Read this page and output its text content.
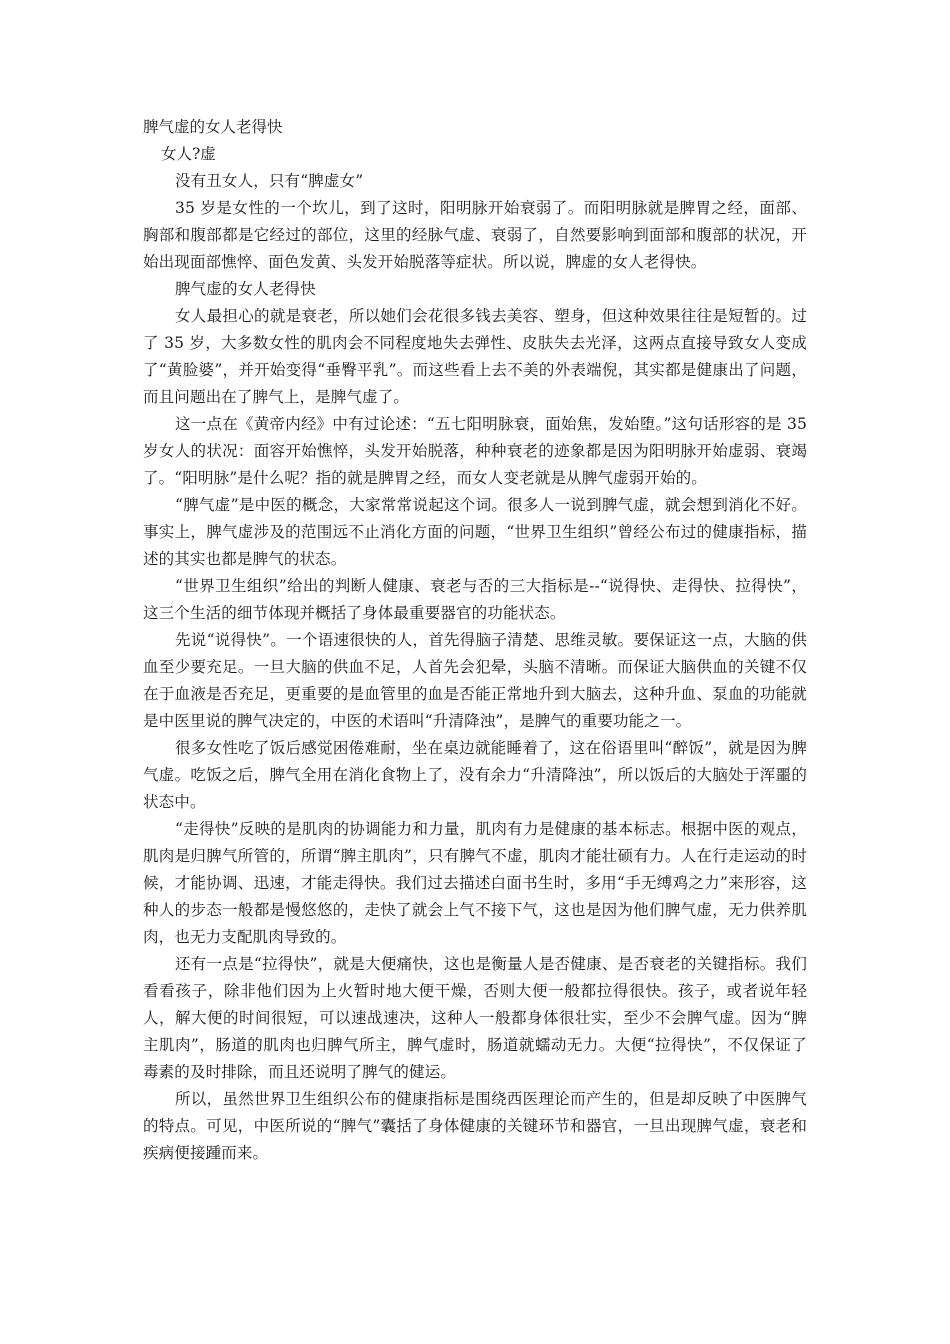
脾气虚的女人老得快

女人?虚

没有丑女人，只有“脾虚女”

35 岁是女性的一个坎儿，到了这时，阳明脉开始衰弱了。而阳明脉就是脾胃之经，面部、胸部和腹部都是它经过的部位，这里的经脉气虚、衰弱了，自然要影响到面部和腹部的状况，开始出现面部憔悴、面色发黄、头发开始脱落等症状。所以说，脾虚的女人老得快。

脾气虚的女人老得快

女人最担心的就是衰老，所以她们会花很多钱去美容、塑身，但这种效果往往是短暂的。过了 35 岁，大多数女性的肌肉会不同程度地失去弹性、皮肤失去光泽，这两点直接导致女人变成了“黄脸婆”，并开始变得“垂臀平乳”。而这些看上去不美的外表端倪，其实都是健康出了问题，而且问题出在了脾气上，是脾气虚了。

这一点在《黄帝内经》中有过论述：“五七阳明脉衰，面始焦，发始堕。”这句话形容的是 35 岁女人的状况：面容开始憔悴，头发开始脱落，种种衰老的迹象都是因为阳明脉开始虚弱、衰竭了。“阳明脉”是什么呢？指的就是脾胃之经，而女人变老就是从脾气虚弱开始的。

“脾气虚”是中医的概念，大家常常说起这个词。很多人一说到脾气虚，就会想到消化不好。事实上，脾气虚涉及的范围远不止消化方面的问题，“世界卫生组织”曾经公布过的健康指标，描述的其实也都是脾气的状态。

“世界卫生组织”给出的判断人健康、衰老与否的三大指标是--“说得快、走得快、拉得快”，这三个生活的细节体现并概括了身体最重要器官的功能状态。

先说“说得快”。一个语速很快的人，首先得脑子清楚、思维灵敏。要保证这一点，大脑的供血至少要充足。一旦大脑的供血不足，人首先会犯晕，头脑不清晰。而保证大脑供血的关键不仅在于血液是否充足，更重要的是血管里的血是否能正常地升到大脑去，这种升血、泵血的功能就是中医里说的脾气决定的，中医的术语叫“升清降浊”，是脾气的重要功能之一。

很多女性吃了饭后感觉困倦难耐，坐在桌边就能睡着了，这在俗语里叫“醉饭”，就是因为脾气虚。吃饭之后，脾气全用在消化食物上了，没有余力“升清降浊”，所以饭后的大脑处于浑噩的状态中。

“走得快”反映的是肌肉的协调能力和力量，肌肉有力是健康的基本标志。根据中医的观点，肌肉是归脾气所管的，所谓“脾主肌肉”，只有脾气不虚，肌肉才能壮硕有力。人在行走运动的时候，才能协调、迅速，才能走得快。我们过去描述白面书生时，多用“手无缚鸡之力”来形容，这种人的步态一般都是慢悠悠的，走快了就会上气不接下气，这也是因为他们脾气虚，无力供养肌肉，也无力支配肌肉导致的。

还有一点是“拉得快”，就是大便痛快，这也是衡量人是否健康、是否衰老的关键指标。我们看看孩子，除非他们因为上火暂时地大便干燥，否则大便一般都拉得很快。孩子，或者说年轻人，解大便的时间很短，可以速战速决，这种人一般都身体很壮实，至少不会脾气虚。因为“脾主肌肉”，肠道的肌肉也归脾气所主，脾气虚时，肠道就蠕动无力。大便“拉得快”，不仅保证了毒素的及时排除，而且还说明了脾气的健运。

所以，虽然世界卫生组织公布的健康指标是围绕西医理论而产生的，但是却反映了中医脾气的特点。可见，中医所说的“脾气”囊括了身体健康的关键环节和器官，一旦出现脾气虚，衰老和疾病便接踵而来。
